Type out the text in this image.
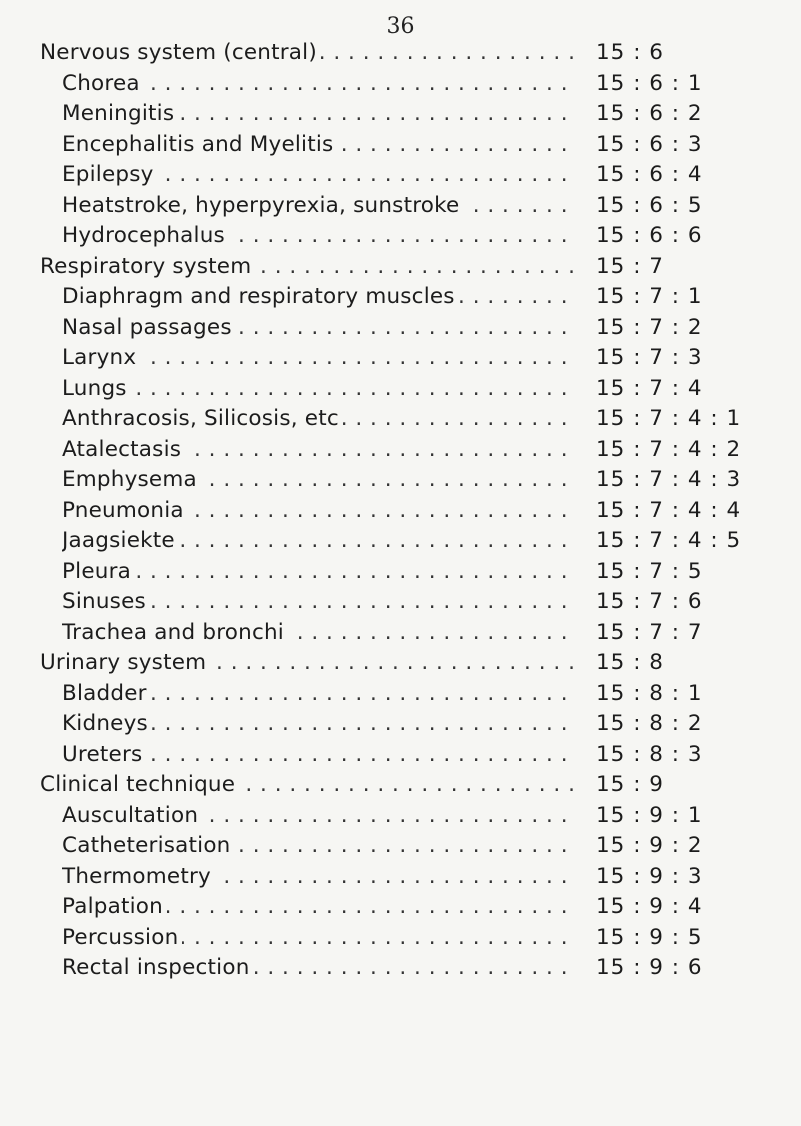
36
Nervous system (central) . . .	15 : 6
Chorea . . .	15 : 6 : 1
Meningitis . . .	15 : 6 : 2
Encephalitis and Myelitis . . .	15 : 6 : 3
Epilepsy . . .	15 : 6 : 4
Heatstroke, hyperpyrexia, sunstroke . . .	15 : 6 : 5
Hydrocephalus . . .	15 : 6 : 6
Respiratory system . . .	15 : 7
Diaphragm and respiratory muscles . . .	15 : 7 : 1
Nasal passages . . .	15 : 7 : 2
Larynx . . .	15 : 7 : 3
Lungs . . .	15 : 7 : 4
Anthracosis, Silicosis, etc . . .	15 : 7 : 4 : 1
Atalectasis . . .	15 : 7 : 4 : 2
Emphysema . . .	15 : 7 : 4 : 3
Pneumonia . . .	15 : 7 : 4 : 4
Jaagsiekte . . .	15 : 7 : 4 : 5
Pleura . . .	15 : 7 : 5
Sinuses . . .	15 : 7 : 6
Trachea and bronchi . . .	15 : 7 : 7
Urinary system . . .	15 : 8
Bladder . . .	15 : 8 : 1
Kidneys . . .	15 : 8 : 2
Ureters . . .	15 : 8 : 3
Clinical technique . . .	15 : 9
Auscultation . . .	15 : 9 : 1
Catheterisation . . .	15 : 9 : 2
Thermometry . . .	15 : 9 : 3
Palpation . . .	15 : 9 : 4
Percussion . . .	15 : 9 : 5
Rectal inspection . . .	15 : 9 : 6
